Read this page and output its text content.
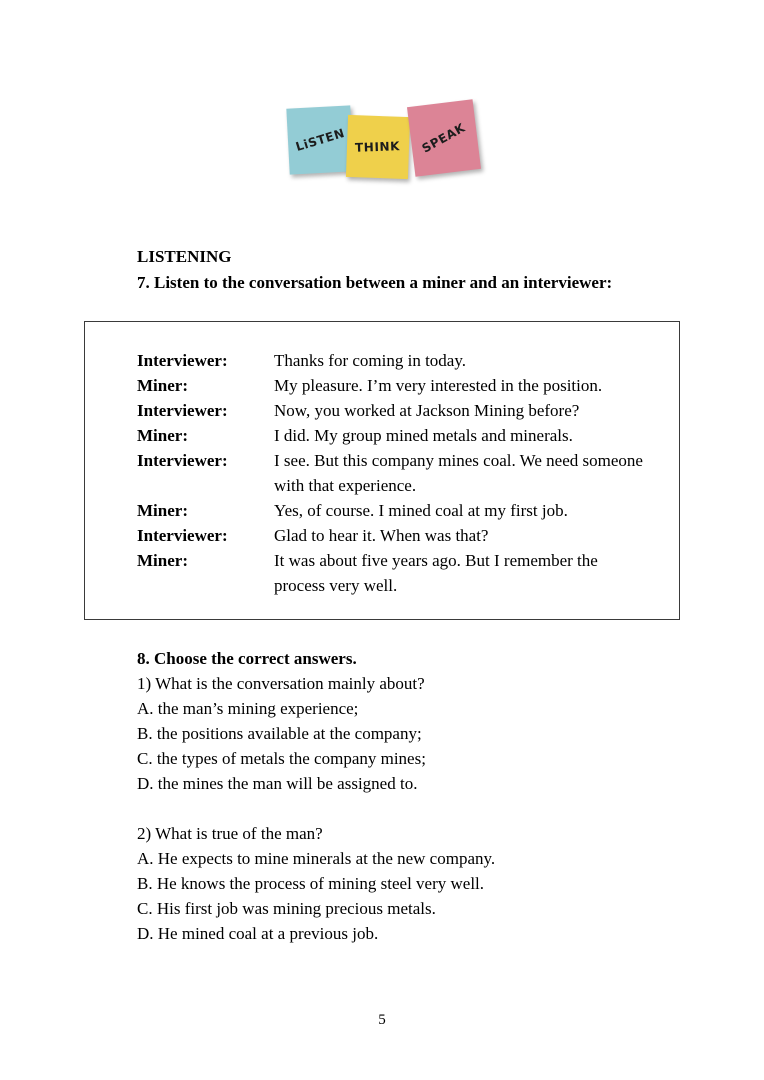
LiSTEN THINK SPEAK
LISTENING
7. Listen to the conversation between a miner and an interviewer:
Interviewer:	Thanks for coming in today.
Miner:	My pleasure. I’m very interested in the position.
Interviewer:	Now, you worked at Jackson Mining before?
Miner:	I did. My group mined metals and minerals.
Interviewer:	I see. But this company mines coal. We need someone with that experience.
Miner:	Yes, of course. I mined coal at my first job.
Interviewer:	Glad to hear it. When was that?
Miner:	It was about five years ago. But I remember the process very well.
8. Choose the correct answers.
1) What is the conversation mainly about?
A. the man’s mining experience;
B. the positions available at the company;
C. the types of metals the company mines;
D. the mines the man will be assigned to.
2) What is true of the man?
A. He expects to mine minerals at the new company.
B. He knows the process of mining steel very well.
C. His first job was mining precious metals.
D. He mined coal at a previous job.
5
